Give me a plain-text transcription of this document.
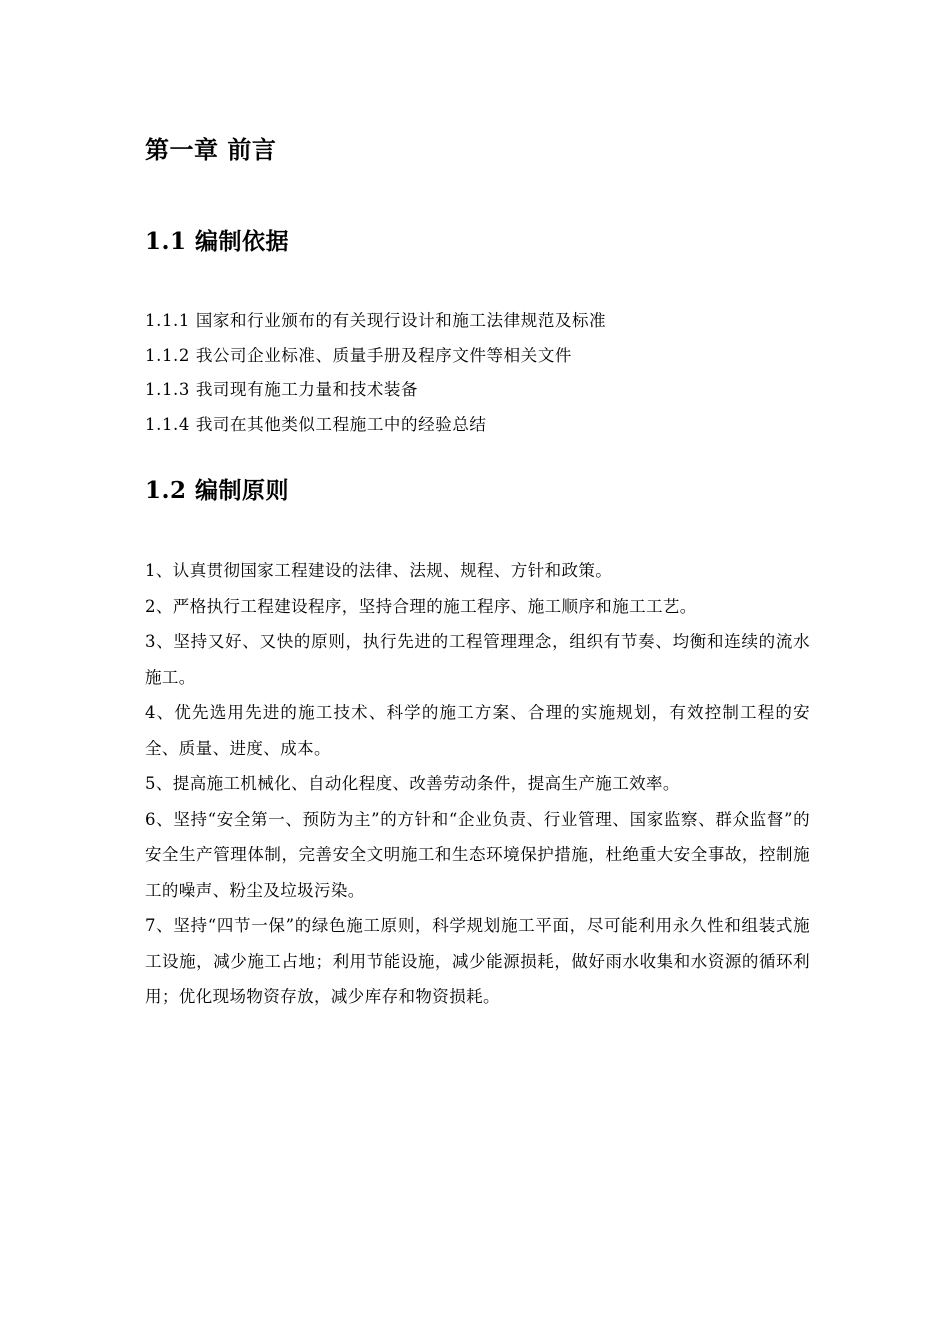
第一章 前言
1.1 编制依据
1.1.1 国家和行业颁布的有关现行设计和施工法律规范及标准
1.1.2 我公司企业标准、质量手册及程序文件等相关文件
1.1.3 我司现有施工力量和技术装备
1.1.4 我司在其他类似工程施工中的经验总结
1.2 编制原则

1、认真贯彻国家工程建设的法律、法规、规程、方针和政策。

2、严格执行工程建设程序，坚持合理的施工程序、施工顺序和施工工艺。

3、坚持又好、又快的原则，执行先进的工程管理理念，组织有节奏、均衡和连续的流水施工。

4、优先选用先进的施工技术、科学的施工方案、合理的实施规划，有效控制工程的安全、质量、进度、成本。

5、提高施工机械化、自动化程度、改善劳动条件，提高生产施工效率。

6、坚持“安全第一、预防为主”的方针和“企业负责、行业管理、国家监察、群众监督”的安全生产管理体制，完善安全文明施工和生态环境保护措施，杜绝重大安全事故，控制施工的噪声、粉尘及垃圾污染。

7、坚持“四节一保”的绿色施工原则，科学规划施工平面，尽可能利用永久性和组装式施工设施，减少施工占地；利用节能设施，减少能源损耗，做好雨水收集和水资源的循环利用；优化现场物资存放，减少库存和物资损耗。
